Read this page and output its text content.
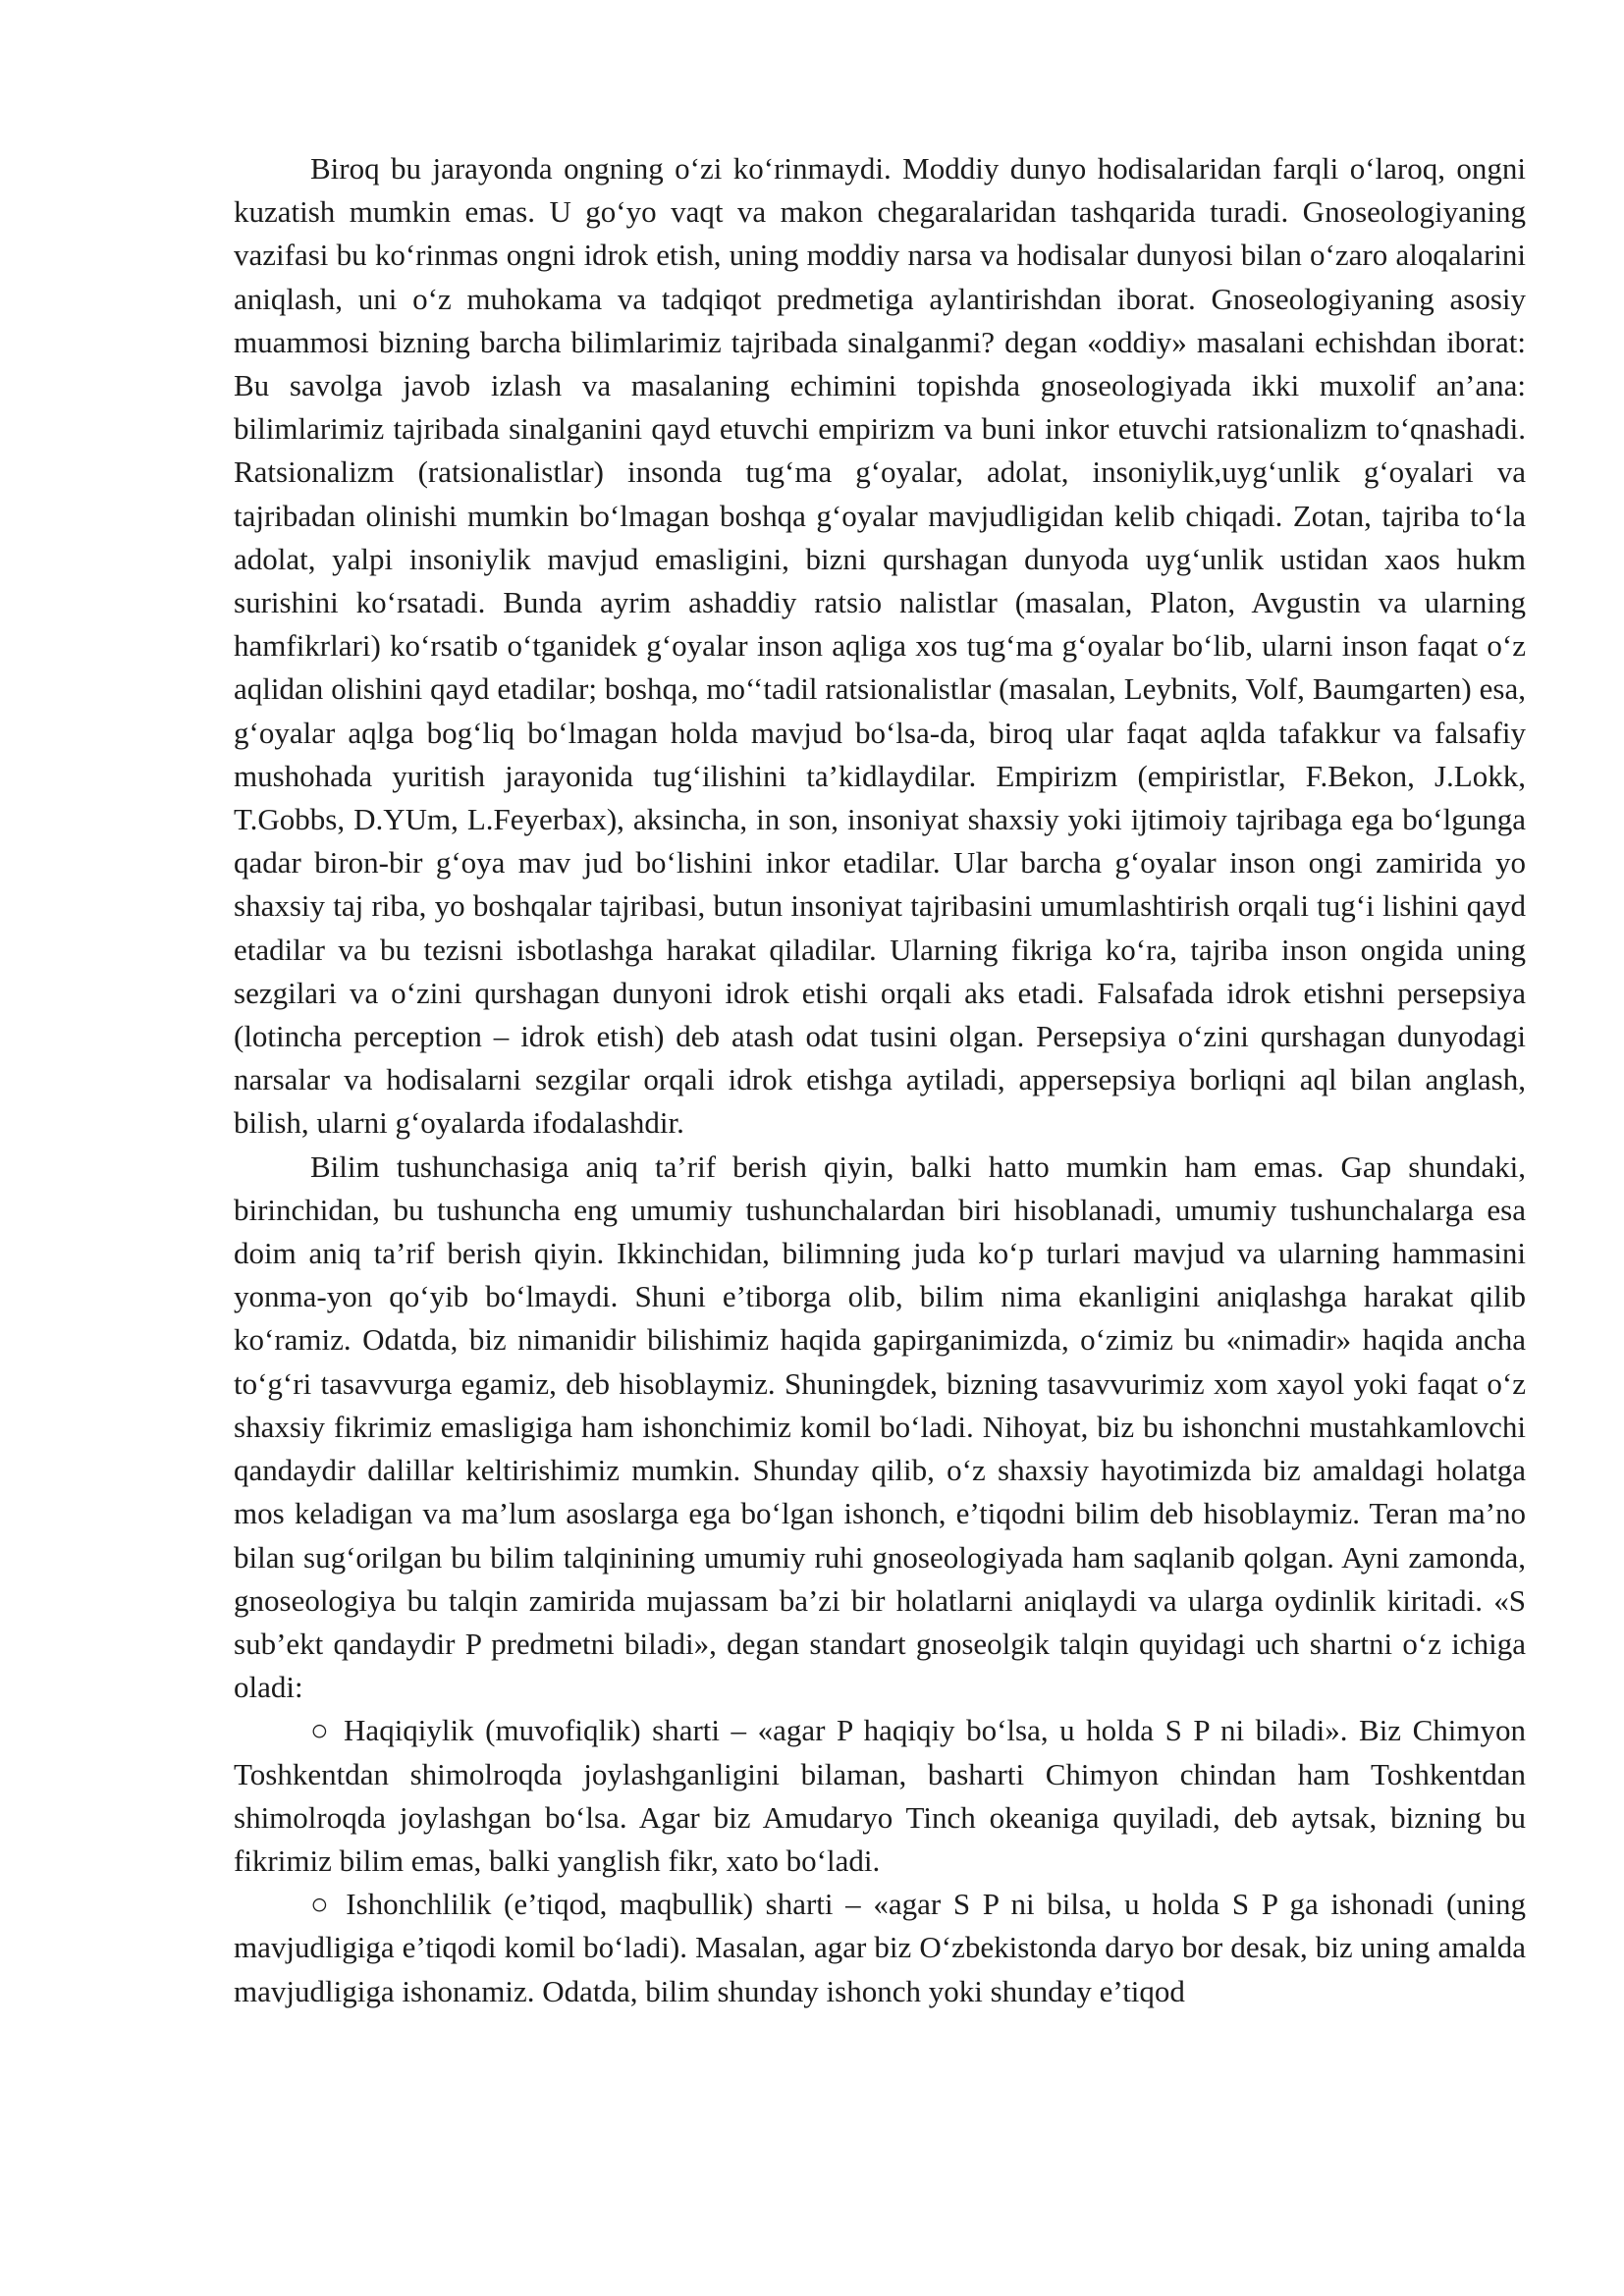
Biroq bu jarayonda ongning o‘zi ko‘rinmaydi. Moddiy dunyo hodisalaridan farqli o‘laroq, ongni kuzatish mumkin emas. U go‘yo vaqt va makon chegaralaridan tashqarida turadi. Gnoseologiyaning vazifasi bu ko‘rinmas ongni idrok etish, uning moddiy narsa va hodisalar dunyosi bilan o‘zaro aloqalarini aniqlash, uni o‘z muhokama va tadqiqot predmetiga aylantirishdan iborat. Gnoseologiyaning asosiy muammosi bizning barcha bilimlarimiz tajribada sinalganmi? degan «oddiy» masalani echishdan iborat: Bu savolga javob izlash va masalaning echimini topishda gnoseologiyada ikki muxolif an’ana: bilimlarimiz tajribada sinalganini qayd etuvchi empirizm va buni inkor etuvchi ratsionalizm to‘qnashadi. Ratsionalizm (ratsionalistlar) insonda tug‘ma g‘oyalar, adolat, insoniylik,uyg‘unlik g‘oyalari va tajribadan olinishi mumkin bo‘lmagan boshqa g‘oyalar mavjudligidan kelib chiqadi. Zotan, tajriba to‘la adolat, yalpi insoniylik mavjud emasligini, bizni qurshagan dunyoda uyg‘unlik ustidan xaos hukm surishini ko‘rsatadi. Bunda ayrim ashaddiy ratsio nalistlar (masalan, Platon, Avgustin va ularning hamfikrlari) ko‘rsatib o‘tganidek g‘oyalar inson aqliga xos tug‘ma g‘oyalar bo‘lib, ularni inson faqat o‘z aqlidan olishini qayd etadilar; boshqa, mo‘‘tadil ratsionalistlar (masalan, Leybnits, Volf, Baumgarten) esa, g‘oyalar aqlga bog‘liq bo‘lmagan holda mavjud bo‘lsa-da, biroq ular faqat aqlda tafakkur va falsafiy mushohada yuritish jarayonida tug‘ilishini ta’kidlaydilar. Empirizm (empiristlar, F.Bekon, J.Lokk, T.Gobbs, D.YUm, L.Feyerbax), aksincha, in son, insoniyat shaxsiy yoki ijtimoiy tajribaga ega bo‘lgunga qadar biron-bir g‘oya mav jud bo‘lishini inkor etadilar. Ular barcha g‘oyalar inson ongi zamirida yo shaxsiy taj riba, yo boshqalar tajribasi, butun insoniyat tajribasini umumlashtirish orqali tug‘i lishini qayd etadilar va bu tezisni isbotlashga harakat qiladilar. Ularning fikriga ko‘ra, tajriba inson ongida uning sezgilari va o‘zini qurshagan dunyoni idrok etishi orqali aks etadi. Falsafada idrok etishni persepsiya (lotincha perception – idrok etish) deb atash odat tusini olgan. Persepsiya o‘zini qurshagan dunyodagi narsalar va hodisalarni sezgilar orqali idrok etishga aytiladi, appersepsiya borliqni aql bilan anglash, bilish, ularni g‘oyalarda ifodalashdir.

Bilim tushunchasiga aniq ta’rif berish qiyin, balki hatto mumkin ham emas. Gap shundaki, birinchidan, bu tushuncha eng umumiy tushunchalardan biri hisoblanadi, umumiy tushunchalarga esa doim aniq ta’rif berish qiyin. Ikkinchidan, bilimning juda ko‘p turlari mavjud va ularning hammasini yonma-yon qo‘yib bo‘lmaydi. Shuni e’tiborga olib, bilim nima ekanligini aniqlashga harakat qilib ko‘ramiz. Odatda, biz nimanidir bilishimiz haqida gapirganimizda, o‘zimiz bu «nimadir» haqida ancha to‘g‘ri tasavvurga egamiz, deb hisoblaymiz. Shuningdek, bizning tasavvurimiz xom xayol yoki faqat o‘z shaxsiy fikrimiz emasligiga ham ishonchimiz komil bo‘ladi. Nihoyat, biz bu ishonchni mustahkamlovchi qandaydir dalillar keltirishimiz mumkin. Shunday qilib, o‘z shaxsiy hayotimizda biz amaldagi holatga mos keladigan va ma’lum asoslarga ega bo‘lgan ishonch, e’tiqodni bilim deb hisoblaymiz. Teran ma’no bilan sug‘orilgan bu bilim talqinining umumiy ruhi gnoseologiyada ham saqlanib qolgan. Ayni zamonda, gnoseologiya bu talqin zamirida mujassam ba’zi bir holatlarni aniqlaydi va ularga oydinlik kiritadi. «S sub’ekt qandaydir P predmetni biladi», degan standart gnoseolgik talqin quyidagi uch shartni o‘z ichiga oladi:

○ Haqiqiylik (muvofiqlik) sharti – «agar P haqiqiy bo‘lsa, u holda S P ni biladi». Biz Chimyon Toshkentdan shimolroqda joylashganligini bilaman, basharti Chimyon chindan ham Toshkentdan shimolroqda joylashgan bo‘lsa. Agar biz Amudaryo Tinch okeaniga quyiladi, deb aytsak, bizning bu fikrimiz bilim emas, balki yanglish fikr, xato bo‘ladi.

○ Ishonchlilik (e’tiqod, maqbullik) sharti – «agar S P ni bilsa, u holda S P ga ishonadi (uning mavjudligiga e’tiqodi komil bo‘ladi). Masalan, agar biz O‘zbekistonda daryo bor desak, biz uning amalda mavjudligiga ishonamiz. Odatda, bilim shunday ishonch yoki shunday e’tiqod
